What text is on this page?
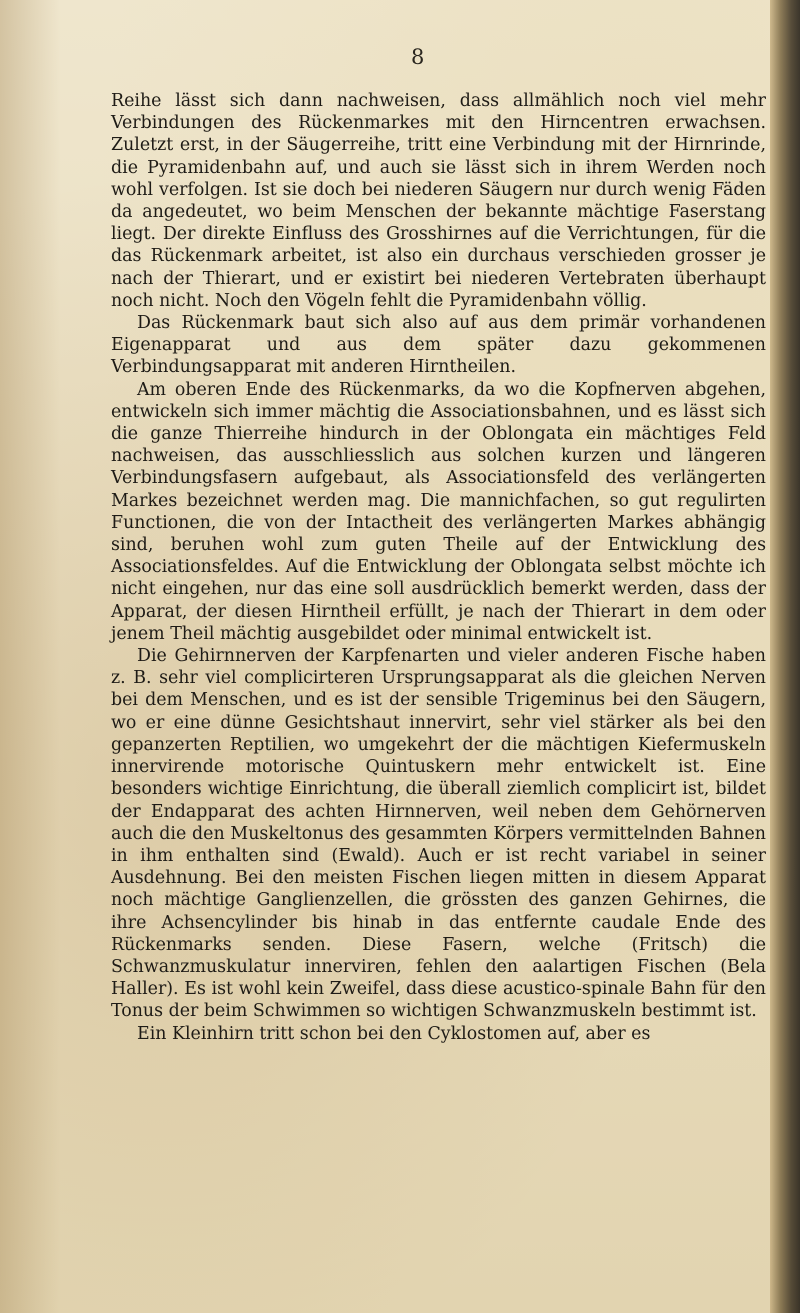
8

Reihe lässt sich dann nachweisen, dass allmählich noch viel mehr Verbindungen des Rückenmarkes mit den Hirncentren erwachsen. Zuletzt erst, in der Säugerreihe, tritt eine Verbindung mit der Hirnrinde, die Pyramidenbahn auf, und auch sie lässt sich in ihrem Werden noch wohl verfolgen. Ist sie doch bei niederen Säugern nur durch wenig Fäden da angedeutet, wo beim Menschen der bekannte mächtige Faserstang liegt. Der direkte Einfluss des Grosshirnes auf die Verrichtungen, für die das Rückenmark arbeitet, ist also ein durchaus verschieden grosser je nach der Thierart, und er existirt bei niederen Vertebraten überhaupt noch nicht. Noch den Vögeln fehlt die Pyramidenbahn völlig.

Das Rückenmark baut sich also auf aus dem primär vorhandenen Eigenapparat und aus dem später dazu gekommenen Verbindungsapparat mit anderen Hirntheilen.

Am oberen Ende des Rückenmarks, da wo die Kopfnerven abgehen, entwickeln sich immer mächtig die Associationsbahnen, und es lässt sich die ganze Thierreihe hindurch in der Oblongata ein mächtiges Feld nachweisen, das ausschliesslich aus solchen kurzen und längeren Verbindungsfasern aufgebaut, als Associationsfeld des verlängerten Markes bezeichnet werden mag. Die mannichfachen, so gut regulirten Functionen, die von der Intactheit des verlängerten Markes abhängig sind, beruhen wohl zum guten Theile auf der Entwicklung des Associationsfeldes. Auf die Entwicklung der Oblongata selbst möchte ich nicht eingehen, nur das eine soll ausdrücklich bemerkt werden, dass der Apparat, der diesen Hirntheil erfüllt, je nach der Thierart in dem oder jenem Theil mächtig ausgebildet oder minimal entwickelt ist.

Die Gehirnnerven der Karpfenarten und vieler anderen Fische haben z. B. sehr viel complicirteren Ursprungsapparat als die gleichen Nerven bei dem Menschen, und es ist der sensible Trigeminus bei den Säugern, wo er eine dünne Gesichtshaut innervirt, sehr viel stärker als bei den gepanzerten Reptilien, wo umgekehrt der die mächtigen Kiefermuskeln innervirende motorische Quintuskern mehr entwickelt ist. Eine besonders wichtige Einrichtung, die überall ziemlich complicirt ist, bildet der Endapparat des achten Hirnnerven, weil neben dem Gehörnerven auch die den Muskeltonus des gesammten Körpers vermittelnden Bahnen in ihm enthalten sind (Ewald). Auch er ist recht variabel in seiner Ausdehnung. Bei den meisten Fischen liegen mitten in diesem Apparat noch mächtige Ganglienzellen, die grössten des ganzen Gehirnes, die ihre Achsencylinder bis hinab in das entfernte caudale Ende des Rückenmarks senden. Diese Fasern, welche (Fritsch) die Schwanzmuskulatur innerviren, fehlen den aalartigen Fischen (Bela Haller). Es ist wohl kein Zweifel, dass diese acustico-spinale Bahn für den Tonus der beim Schwimmen so wichtigen Schwanzmuskeln bestimmt ist.

Ein Kleinhirn tritt schon bei den Cyklostomen auf, aber es
